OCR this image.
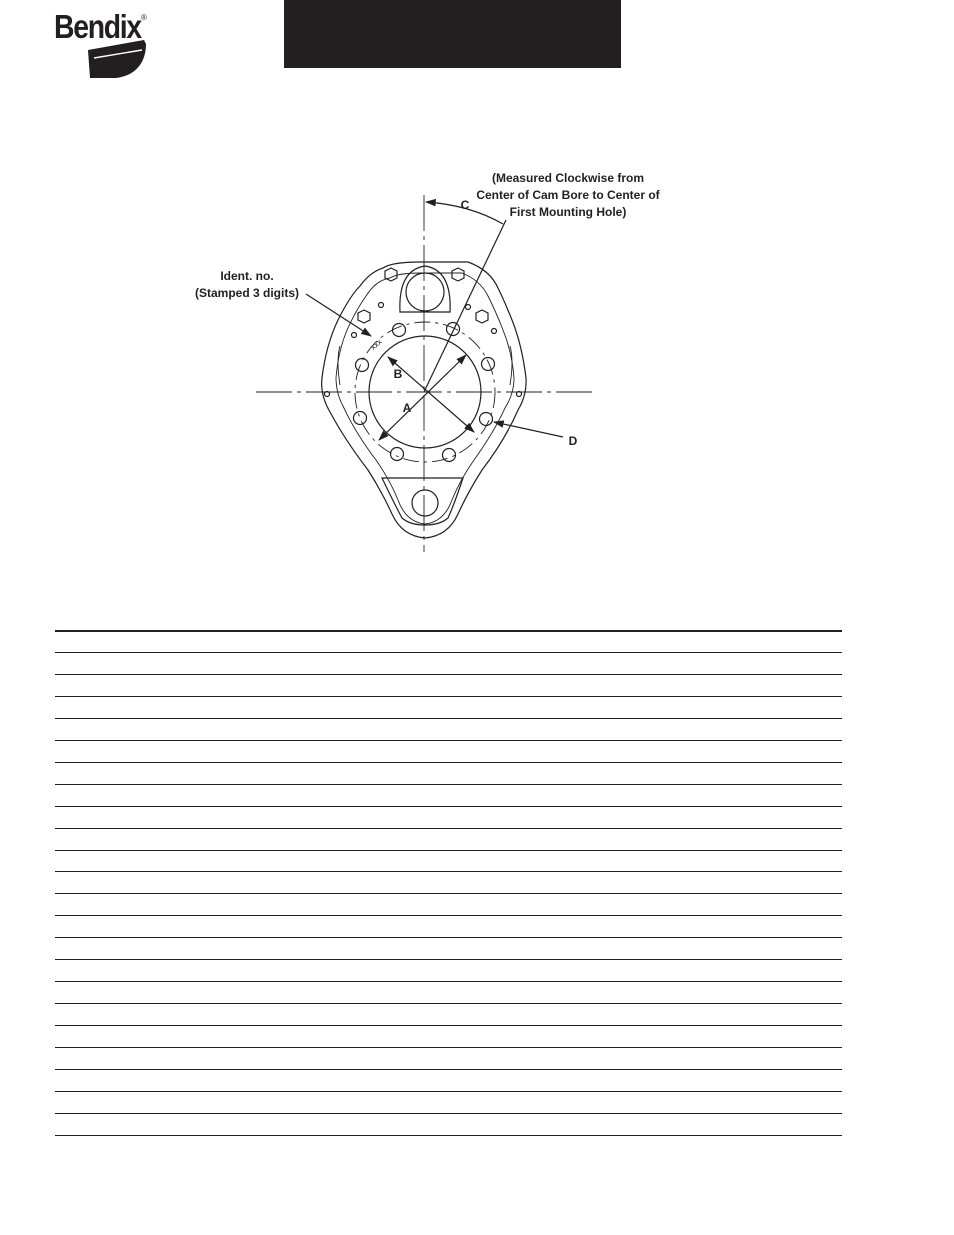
Bendix ®
(Measured Clockwise from
Center of Cam Bore to Center of
First Mounting Hole)
C
Ident. no.
(Stamped 3 digits)
xxx
B
A
D
